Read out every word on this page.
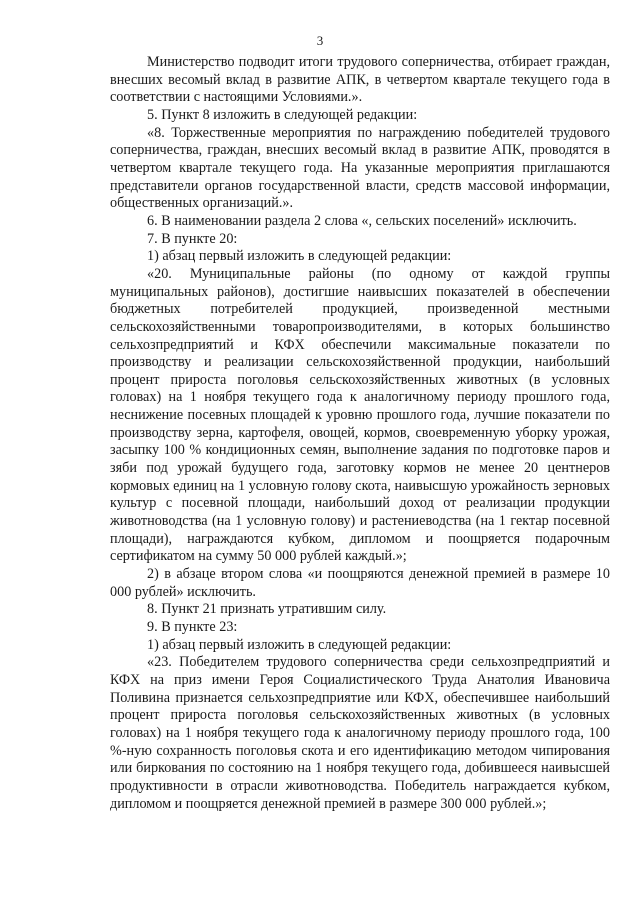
3

Министерство подводит итоги трудового соперничества, отбирает граждан, внесших весомый вклад в развитие АПК, в четвертом квартале текущего года в соответствии с настоящими Условиями.».

5. Пункт 8 изложить в следующей редакции:

«8. Торжественные мероприятия по награждению победителей трудового соперничества, граждан, внесших весомый вклад в развитие АПК, проводятся в четвертом квартале текущего года. На указанные мероприятия приглашаются представители органов государственной власти, средств массовой информации, общественных организаций.».

6. В наименовании раздела 2 слова «, сельских поселений» исключить.

7. В пункте 20:

1) абзац первый изложить в следующей редакции:

«20. Муниципальные районы (по одному от каждой группы муниципальных районов), достигшие наивысших показателей в обеспечении бюджетных потребителей продукцией, произведенной местными сельскохозяйственными товаропроизводителями, в которых большинство сельхозпредприятий и КФХ обеспечили максимальные показатели по производству и реализации сельскохозяйственной продукции, наибольший процент прироста поголовья сельскохозяйственных животных (в условных головах) на 1 ноября текущего года к аналогичному периоду прошлого года, неснижение посевных площадей к уровню прошлого года, лучшие показатели по производству зерна, картофеля, овощей, кормов, своевременную уборку урожая, засыпку 100 % кондиционных семян, выполнение задания по подготовке паров и зяби под урожай будущего года, заготовку кормов не менее 20 центнеров кормовых единиц на 1 условную голову скота, наивысшую урожайность зерновых культур с посевной площади, наибольший доход от реализации продукции животноводства (на 1 условную голову) и растениеводства (на 1 гектар посевной площади), награждаются кубком, дипломом и поощряется подарочным сертификатом на сумму 50 000 рублей каждый.»;

2) в абзаце втором слова «и поощряются денежной премией в размере 10 000 рублей» исключить.

8. Пункт 21 признать утратившим силу.

9. В пункте 23:

1) абзац первый изложить в следующей редакции:

«23. Победителем трудового соперничества среди сельхозпредприятий и КФХ на приз имени Героя Социалистического Труда Анатолия Ивановича Поливина признается сельхозпредприятие или КФХ, обеспечившее наибольший процент прироста поголовья сельскохозяйственных животных (в условных головах) на 1 ноября текущего года к аналогичному периоду прошлого года, 100 %-ную сохранность поголовья скота и его идентификацию методом чипирования или биркования по состоянию на 1 ноября текущего года, добившееся наивысшей продуктивности в отрасли животноводства. Победитель награждается кубком, дипломом и поощряется денежной премией в размере 300 000 рублей.»;
